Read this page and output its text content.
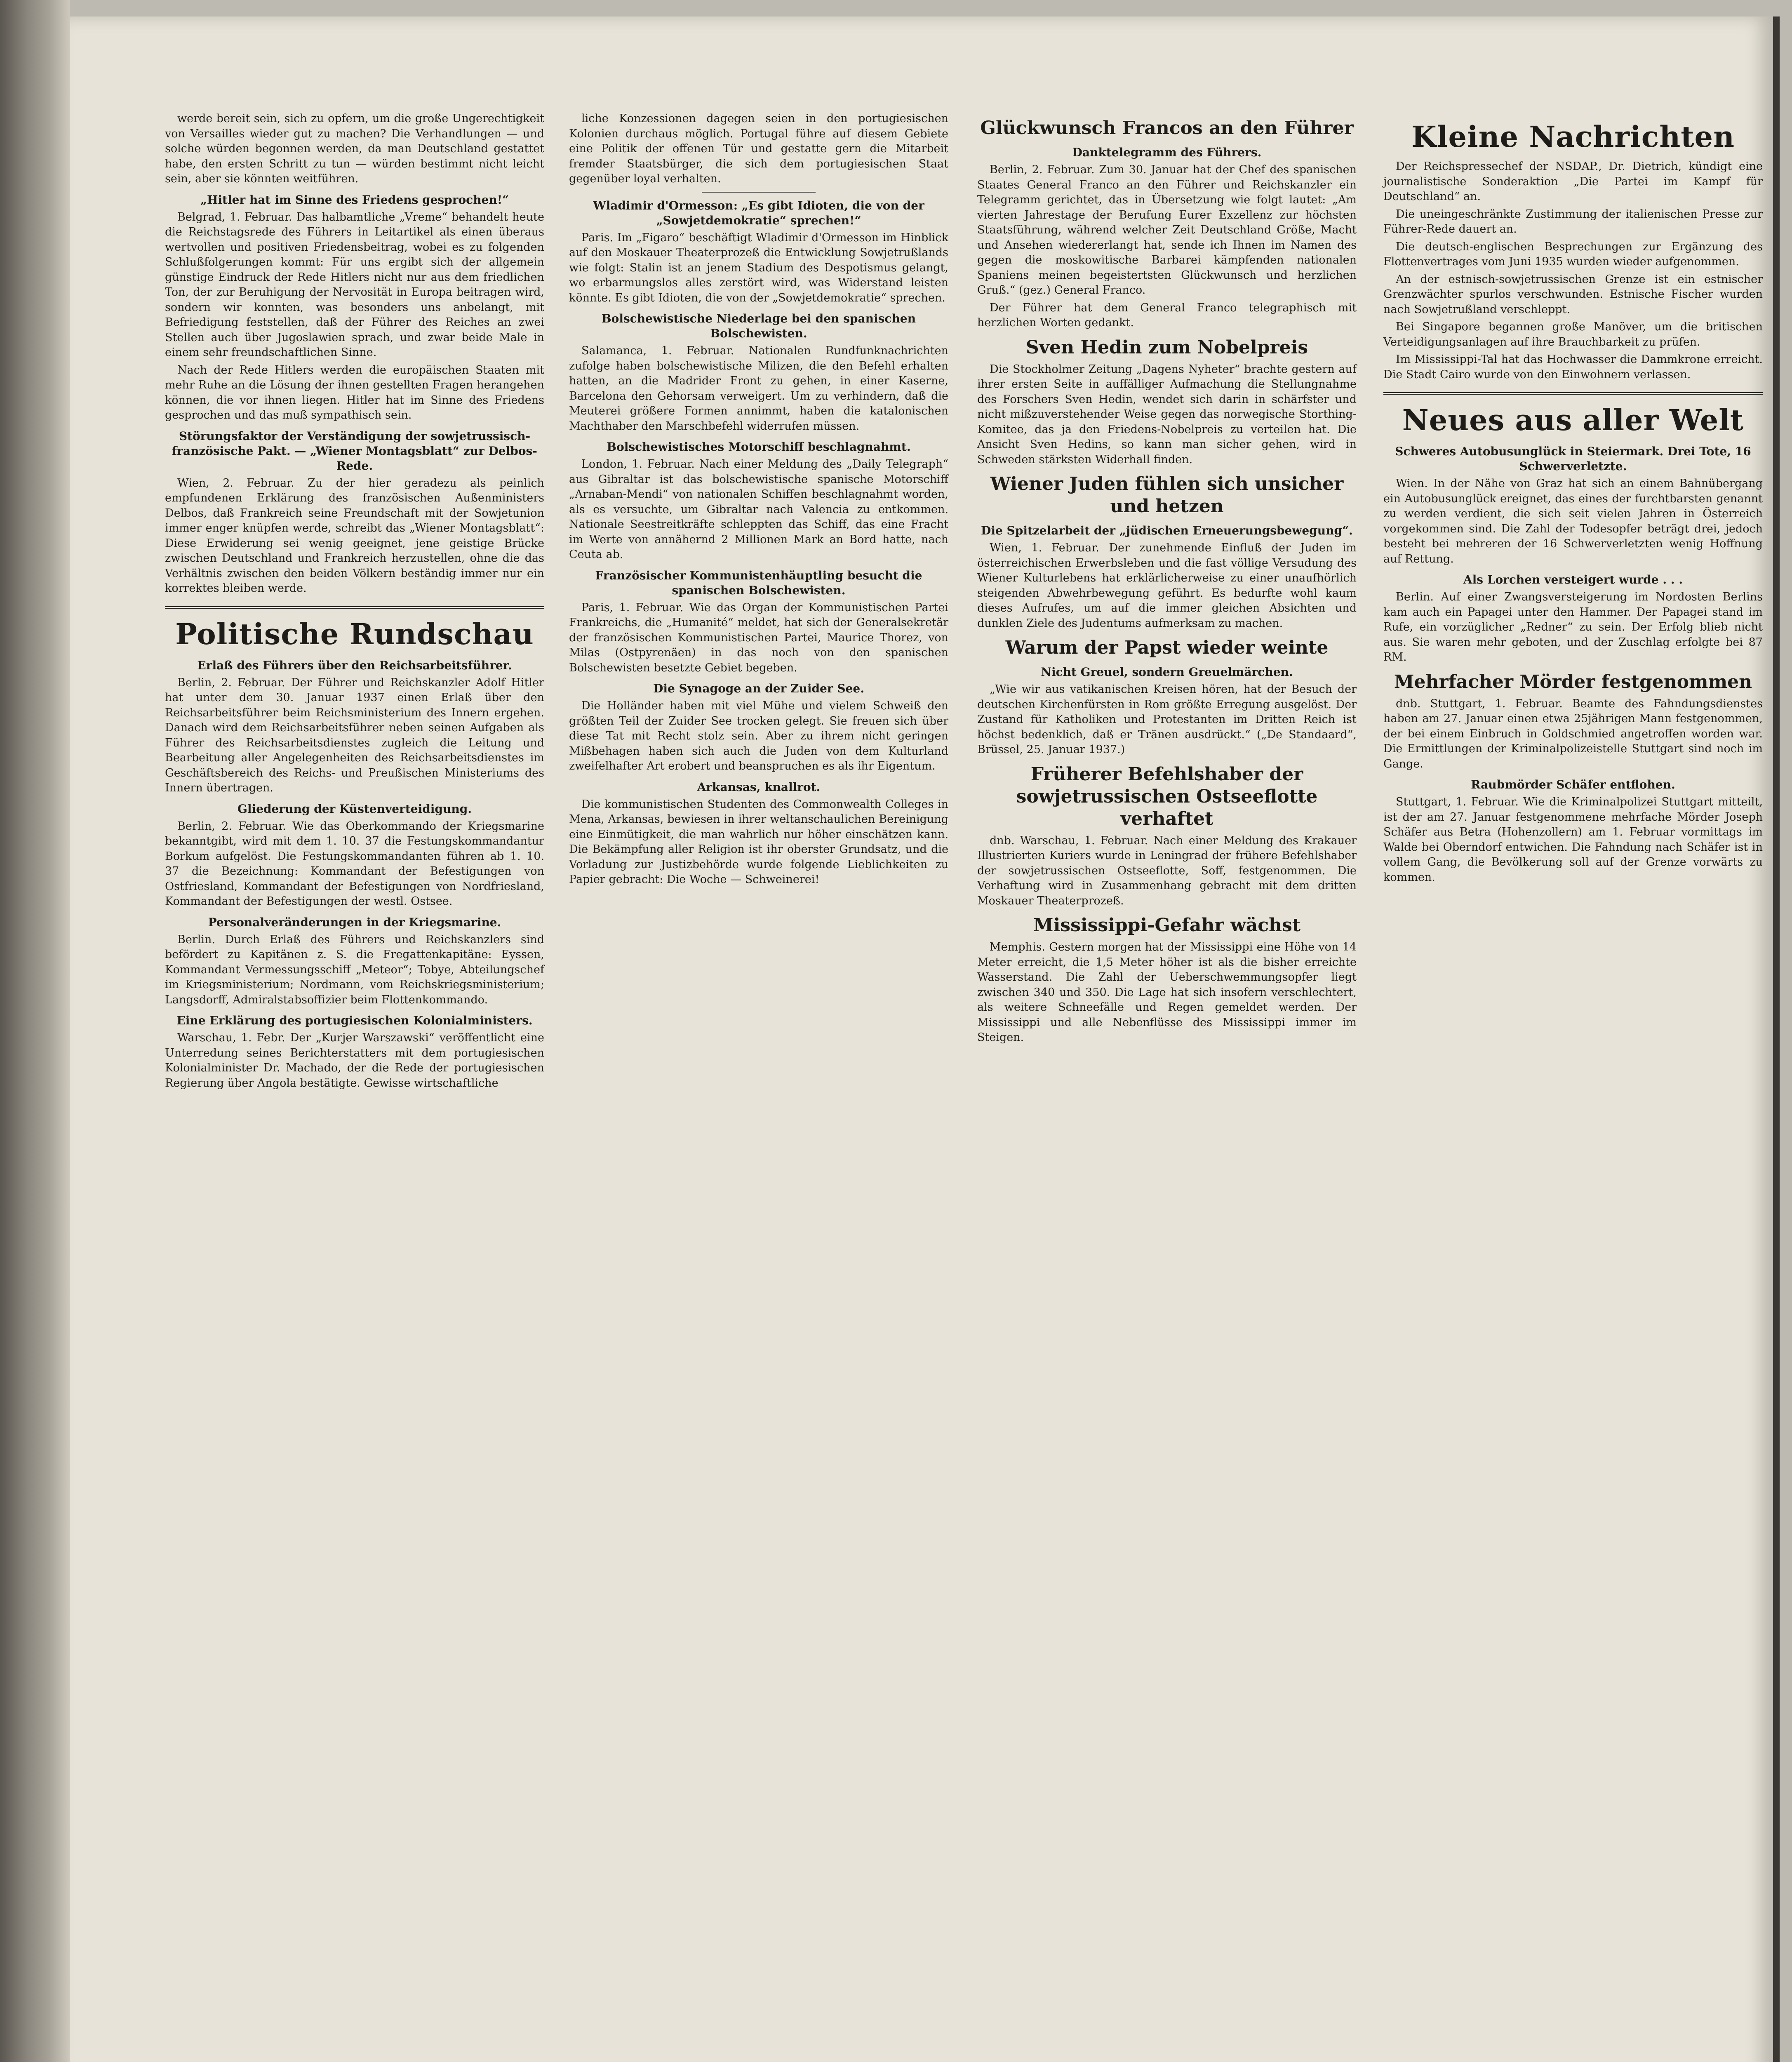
werde bereit sein, sich zu opfern, um die große Ungerechtigkeit von Versailles wieder gut zu machen? Die Verhandlungen — und solche würden begonnen werden, da man Deutschland gestattet habe, den ersten Schritt zu tun — würden bestimmt nicht leicht sein, aber sie könnten weitführen.

„Hitler hat im Sinne des Friedens gesprochen!“

Belgrad, 1. Februar. Das halbamtliche „Vreme“ behandelt heute die Reichstagsrede des Führers in Leitartikel als einen überaus wertvollen und positiven Friedensbeitrag, wobei es zu folgenden Schlußfolgerungen kommt: Für uns ergibt sich der allgemein günstige Eindruck der Rede Hitlers nicht nur aus dem friedlichen Ton, der zur Beruhigung der Nervosität in Europa beitragen wird, sondern wir konnten, was besonders uns anbelangt, mit Befriedigung feststellen, daß der Führer des Reiches an zwei Stellen auch über Jugoslawien sprach, und zwar beide Male in einem sehr freundschaftlichen Sinne.

Nach der Rede Hitlers werden die europäischen Staaten mit mehr Ruhe an die Lösung der ihnen gestellten Fragen herangehen können, die vor ihnen liegen. Hitler hat im Sinne des Friedens gesprochen und das muß sympathisch sein.

Störungsfaktor der Verständigung der sowjetrussisch-französische Pakt. — „Wiener Montagsblatt“ zur Delbos-Rede.

Wien, 2. Februar. Zu der hier geradezu als peinlich empfundenen Erklärung des französischen Außenministers Delbos, daß Frankreich seine Freundschaft mit der Sowjetunion immer enger knüpfen werde, schreibt das „Wiener Montagsblatt“: Diese Erwiderung sei wenig geeignet, jene geistige Brücke zwischen Deutschland und Frankreich herzustellen, ohne die das Verhältnis zwischen den beiden Völkern beständig immer nur ein korrektes bleiben werde.

Politische Rundschau
Erlaß des Führers über den Reichsarbeitsführer.

Berlin, 2. Februar. Der Führer und Reichskanzler Adolf Hitler hat unter dem 30. Januar 1937 einen Erlaß über den Reichsarbeitsführer beim Reichsministerium des Innern ergehen. Danach wird dem Reichsarbeitsführer neben seinen Aufgaben als Führer des Reichsarbeitsdienstes zugleich die Leitung und Bearbeitung aller Angelegenheiten des Reichsarbeitsdienstes im Geschäftsbereich des Reichs- und Preußischen Ministeriums des Innern übertragen.

Gliederung der Küstenverteidigung.

Berlin, 2. Februar. Wie das Oberkommando der Kriegsmarine bekanntgibt, wird mit dem 1. 10. 37 die Festungskommandantur Borkum aufgelöst. Die Festungskommandanten führen ab 1. 10. 37 die Bezeichnung: Kommandant der Befestigungen von Ostfriesland, Kommandant der Befestigungen von Nordfriesland, Kommandant der Befestigungen der westl. Ostsee.

Personalveränderungen in der Kriegsmarine.

Berlin. Durch Erlaß des Führers und Reichskanzlers sind befördert zu Kapitänen z. S. die Fregattenkapitäne: Eyssen, Kommandant Vermessungsschiff „Meteor“; Tobye, Abteilungschef im Kriegsministerium; Nordmann, vom Reichskriegsministerium; Langsdorff, Admiralstabsoffizier beim Flottenkommando.

Eine Erklärung des portugiesischen Kolonialministers.

Warschau, 1. Febr. Der „Kurjer Warszawski“ veröffentlicht eine Unterredung seines Berichterstatters mit dem portugiesischen Kolonialminister Dr. Machado, der die Rede der portugiesischen Regierung über Angola bestätigte. Gewisse wirtschaftliche

liche Konzessionen dagegen seien in den portugiesischen Kolonien durchaus möglich. Portugal führe auf diesem Gebiete eine Politik der offenen Tür und gestatte gern die Mitarbeit fremder Staatsbürger, die sich dem portugiesischen Staat gegenüber loyal verhalten.

Wladimir d'Ormesson: „Es gibt Idioten, die von der „Sowjetdemokratie“ sprechen!“

Paris. Im „Figaro“ beschäftigt Wladimir d'Ormesson im Hinblick auf den Moskauer Theaterprozeß die Entwicklung Sowjetrußlands wie folgt: Stalin ist an jenem Stadium des Despotismus gelangt, wo erbarmungslos alles zerstört wird, was Widerstand leisten könnte. Es gibt Idioten, die von der „Sowjetdemokratie“ sprechen.

Bolschewistische Niederlage bei den spanischen Bolschewisten.

Salamanca, 1. Februar. Nationalen Rundfunknachrichten zufolge haben bolschewistische Milizen, die den Befehl erhalten hatten, an die Madrider Front zu gehen, in einer Kaserne, Barcelona den Gehorsam verweigert. Um zu verhindern, daß die Meuterei größere Formen annimmt, haben die katalonischen Machthaber den Marschbefehl widerrufen müssen.

Bolschewistisches Motorschiff beschlagnahmt.

London, 1. Februar. Nach einer Meldung des „Daily Telegraph“ aus Gibraltar ist das bolschewistische spanische Motorschiff „Arnaban-Mendi“ von nationalen Schiffen beschlagnahmt worden, als es versuchte, um Gibraltar nach Valencia zu entkommen. Nationale Seestreitkräfte schleppten das Schiff, das eine Fracht im Werte von annähernd 2 Millionen Mark an Bord hatte, nach Ceuta ab.

Französischer Kommunistenhäuptling besucht die spanischen Bolschewisten.

Paris, 1. Februar. Wie das Organ der Kommunistischen Partei Frankreichs, die „Humanité“ meldet, hat sich der Generalsekretär der französischen Kommunistischen Partei, Maurice Thorez, von Milas (Ostpyrenäen) in das noch von den spanischen Bolschewisten besetzte Gebiet begeben.

Die Synagoge an der Zuider See.

Die Holländer haben mit viel Mühe und vielem Schweiß den größten Teil der Zuider See trocken gelegt. Sie freuen sich über diese Tat mit Recht stolz sein. Aber zu ihrem nicht geringen Mißbehagen haben sich auch die Juden von dem Kulturland zweifelhafter Art erobert und beanspruchen es als ihr Eigentum.

Arkansas, knallrot.

Die kommunistischen Studenten des Commonwealth Colleges in Mena, Arkansas, bewiesen in ihrer weltanschaulichen Bereinigung eine Einmütigkeit, die man wahrlich nur höher einschätzen kann. Die Bekämpfung aller Religion ist ihr oberster Grundsatz, und die Vorladung zur Justizbehörde wurde folgende Lieblichkeiten zu Papier gebracht: Die Woche — Schweinerei!

Glückwunsch Francos an den Führer
Danktelegramm des Führers.

Berlin, 2. Februar. Zum 30. Januar hat der Chef des spanischen Staates General Franco an den Führer und Reichskanzler ein Telegramm gerichtet, das in Übersetzung wie folgt lautet: „Am vierten Jahrestage der Berufung Eurer Exzellenz zur höchsten Staatsführung, während welcher Zeit Deutschland Größe, Macht und Ansehen wiedererlangt hat, sende ich Ihnen im Namen des gegen die moskowitische Barbarei kämpfenden nationalen Spaniens meinen begeistertsten Glückwunsch und herzlichen Gruß.“ (gez.) General Franco.

Der Führer hat dem General Franco telegraphisch mit herzlichen Worten gedankt.

Sven Hedin zum Nobelpreis

Die Stockholmer Zeitung „Dagens Nyheter“ brachte gestern auf ihrer ersten Seite in auffälliger Aufmachung die Stellungnahme des Forschers Sven Hedin, wendet sich darin in schärfster und nicht mißzuverstehender Weise gegen das norwegische Storthing-Komitee, das ja den Friedens-Nobelpreis zu verteilen hat. Die Ansicht Sven Hedins, so kann man sicher gehen, wird in Schweden stärksten Widerhall finden.

Wiener Juden fühlen sich unsicher und hetzen
Die Spitzelarbeit der „jüdischen Erneuerungsbewegung“.

Wien, 1. Februar. Der zunehmende Einfluß der Juden im österreichischen Erwerbsleben und die fast völlige Versudung des Wiener Kulturlebens hat erklärlicherweise zu einer unaufhörlich steigenden Abwehrbewegung geführt. Es bedurfte wohl kaum dieses Aufrufes, um auf die immer gleichen Absichten und dunklen Ziele des Judentums aufmerksam zu machen.

Warum der Papst wieder weinte
Nicht Greuel, sondern Greuelmärchen.

„Wie wir aus vatikanischen Kreisen hören, hat der Besuch der deutschen Kirchenfürsten in Rom größte Erregung ausgelöst. Der Zustand für Katholiken und Protestanten im Dritten Reich ist höchst bedenklich, daß er Tränen ausdrückt.“ („De Standaard“, Brüssel, 25. Januar 1937.)

Früherer Befehlshaber der sowjetrussischen Ostseeflotte verhaftet

dnb. Warschau, 1. Februar. Nach einer Meldung des Krakauer Illustrierten Kuriers wurde in Leningrad der frühere Befehlshaber der sowjetrussischen Ostseeflotte, Soff, festgenommen. Die Verhaftung wird in Zusammenhang gebracht mit dem dritten Moskauer Theaterprozeß.

Mississippi-Gefahr wächst

Memphis. Gestern morgen hat der Mississippi eine Höhe von 14 Meter erreicht, die 1,5 Meter höher ist als die bisher erreichte Wasserstand. Die Zahl der Ueberschwemmungsopfer liegt zwischen 340 und 350. Die Lage hat sich insofern verschlechtert, als weitere Schneefälle und Regen gemeldet werden. Der Mississippi und alle Nebenflüsse des Mississippi immer im Steigen.

Kleine Nachrichten

Der Reichspressechef der NSDAP., Dr. Dietrich, kündigt eine journalistische Sonderaktion „Die Partei im Kampf für Deutschland“ an.

Die uneingeschränkte Zustimmung der italienischen Presse zur Führer-Rede dauert an.

Die deutsch-englischen Besprechungen zur Ergänzung des Flottenvertrages vom Juni 1935 wurden wieder aufgenommen.

An der estnisch-sowjetrussischen Grenze ist ein estnischer Grenzwächter spurlos verschwunden. Estnische Fischer wurden nach Sowjetrußland verschleppt.

Bei Singapore begannen große Manöver, um die britischen Verteidigungsanlagen auf ihre Brauchbarkeit zu prüfen.

Im Mississippi-Tal hat das Hochwasser die Dammkrone erreicht. Die Stadt Cairo wurde von den Einwohnern verlassen.

Neues aus aller Welt
Schweres Autobusunglück in Steiermark. Drei Tote, 16 Schwerverletzte.

Wien. In der Nähe von Graz hat sich an einem Bahnübergang ein Autobusunglück ereignet, das eines der furchtbarsten genannt zu werden verdient, die sich seit vielen Jahren in Österreich vorgekommen sind. Die Zahl der Todesopfer beträgt drei, jedoch besteht bei mehreren der 16 Schwerverletzten wenig Hoffnung auf Rettung.

Als Lorchen versteigert wurde . . .

Berlin. Auf einer Zwangsversteigerung im Nordosten Berlins kam auch ein Papagei unter den Hammer. Der Papagei stand im Rufe, ein vorzüglicher „Redner“ zu sein. Der Erfolg blieb nicht aus. Sie waren mehr geboten, und der Zuschlag erfolgte bei 87 RM.

Mehrfacher Mörder festgenommen

dnb. Stuttgart, 1. Februar. Beamte des Fahndungsdienstes haben am 27. Januar einen etwa 25jährigen Mann festgenommen, der bei einem Einbruch in Goldschmied angetroffen worden war. Die Ermittlungen der Kriminalpolizeistelle Stuttgart sind noch im Gange.

Raubmörder Schäfer entflohen.

Stuttgart, 1. Februar. Wie die Kriminalpolizei Stuttgart mitteilt, ist der am 27. Januar festgenommene mehrfache Mörder Joseph Schäfer aus Betra (Hohenzollern) am 1. Februar vormittags im Walde bei Oberndorf entwichen. Die Fahndung nach Schäfer ist in vollem Gang, die Bevölkerung soll auf der Grenze vorwärts zu kommen.
